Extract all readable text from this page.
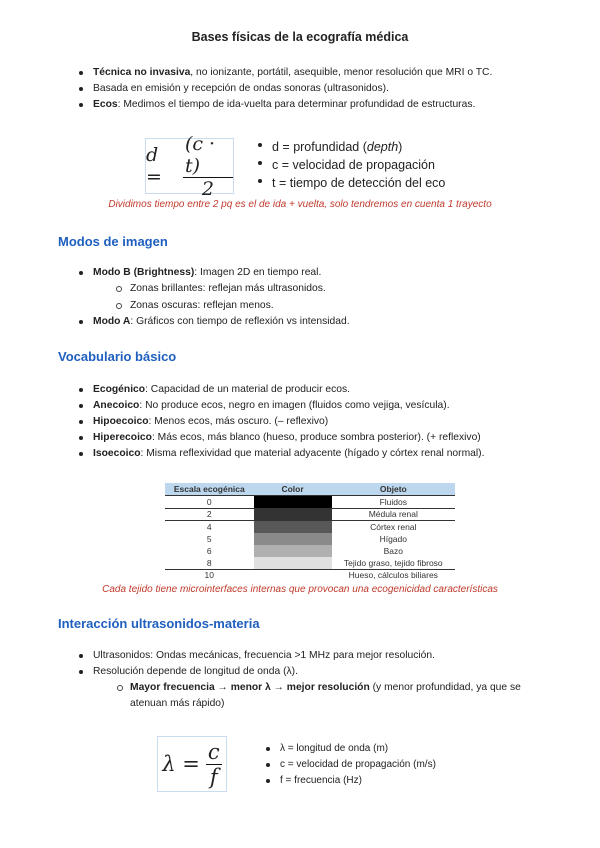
Bases físicas de la ecografía médica
Técnica no invasiva, no ionizante, portátil, asequible, menor resolución que MRI o TC.
Basada en emisión y recepción de ondas sonoras (ultrasonidos).
Ecos: Medimos el tiempo de ida-vuelta para determinar profundidad de estructuras.
d =	$\frac{(c \cdot t)}{2}$	d = profundidad (depth)
c = velocidad de propagación
t = tiempo de detección del eco
Dividimos tiempo entre 2 pq es el de ida + vuelta, solo tendremos en cuenta 1 trayecto
Modos de imagen
Modo B (Brightness): Imagen 2D en tiempo real.
Zonas brillantes: reflejan más ultrasonidos.
Zonas oscuras: reflejan menos.
Modo A: Gráficos con tiempo de reflexión vs intensidad.
Vocabulario básico
Ecogénico: Capacidad de un material de producir ecos.
Anecoico: No produce ecos, negro en imagen (fluidos como vejiga, vesícula).
Hipoecoico: Menos ecos, más oscuro. (– reflexivo)
Hiperecoico: Más ecos, más blanco (hueso, produce sombra posterior). (+ reflexivo)
Isoecoico: Misma reflexividad que material adyacente (hígado y córtex renal normal).
Escala ecogénica	Color	Objeto
0		Fluidos
2		Médula renal
4		Córtex renal
5		Hígado
6		Bazo
8		Tejido graso, tejido fibroso
10		Hueso, cálculos biliares
Cada tejido tiene microinterfaces internas que provocan una ecogenicidad características
Interacción ultrasonidos-materia
Ultrasonidos: Ondas mecánicas, frecuencia >1 MHz para mejor resolución.
Resolución depende de longitud de onda (λ).
Mayor frecuencia → menor λ → mejor resolución (y menor profundidad, ya que se
atenuan más rápido)
$\lambda = \frac{c}{f}$	λ = longitud de onda (m)
c = velocidad de propagación (m/s)
f = frecuencia (Hz)
